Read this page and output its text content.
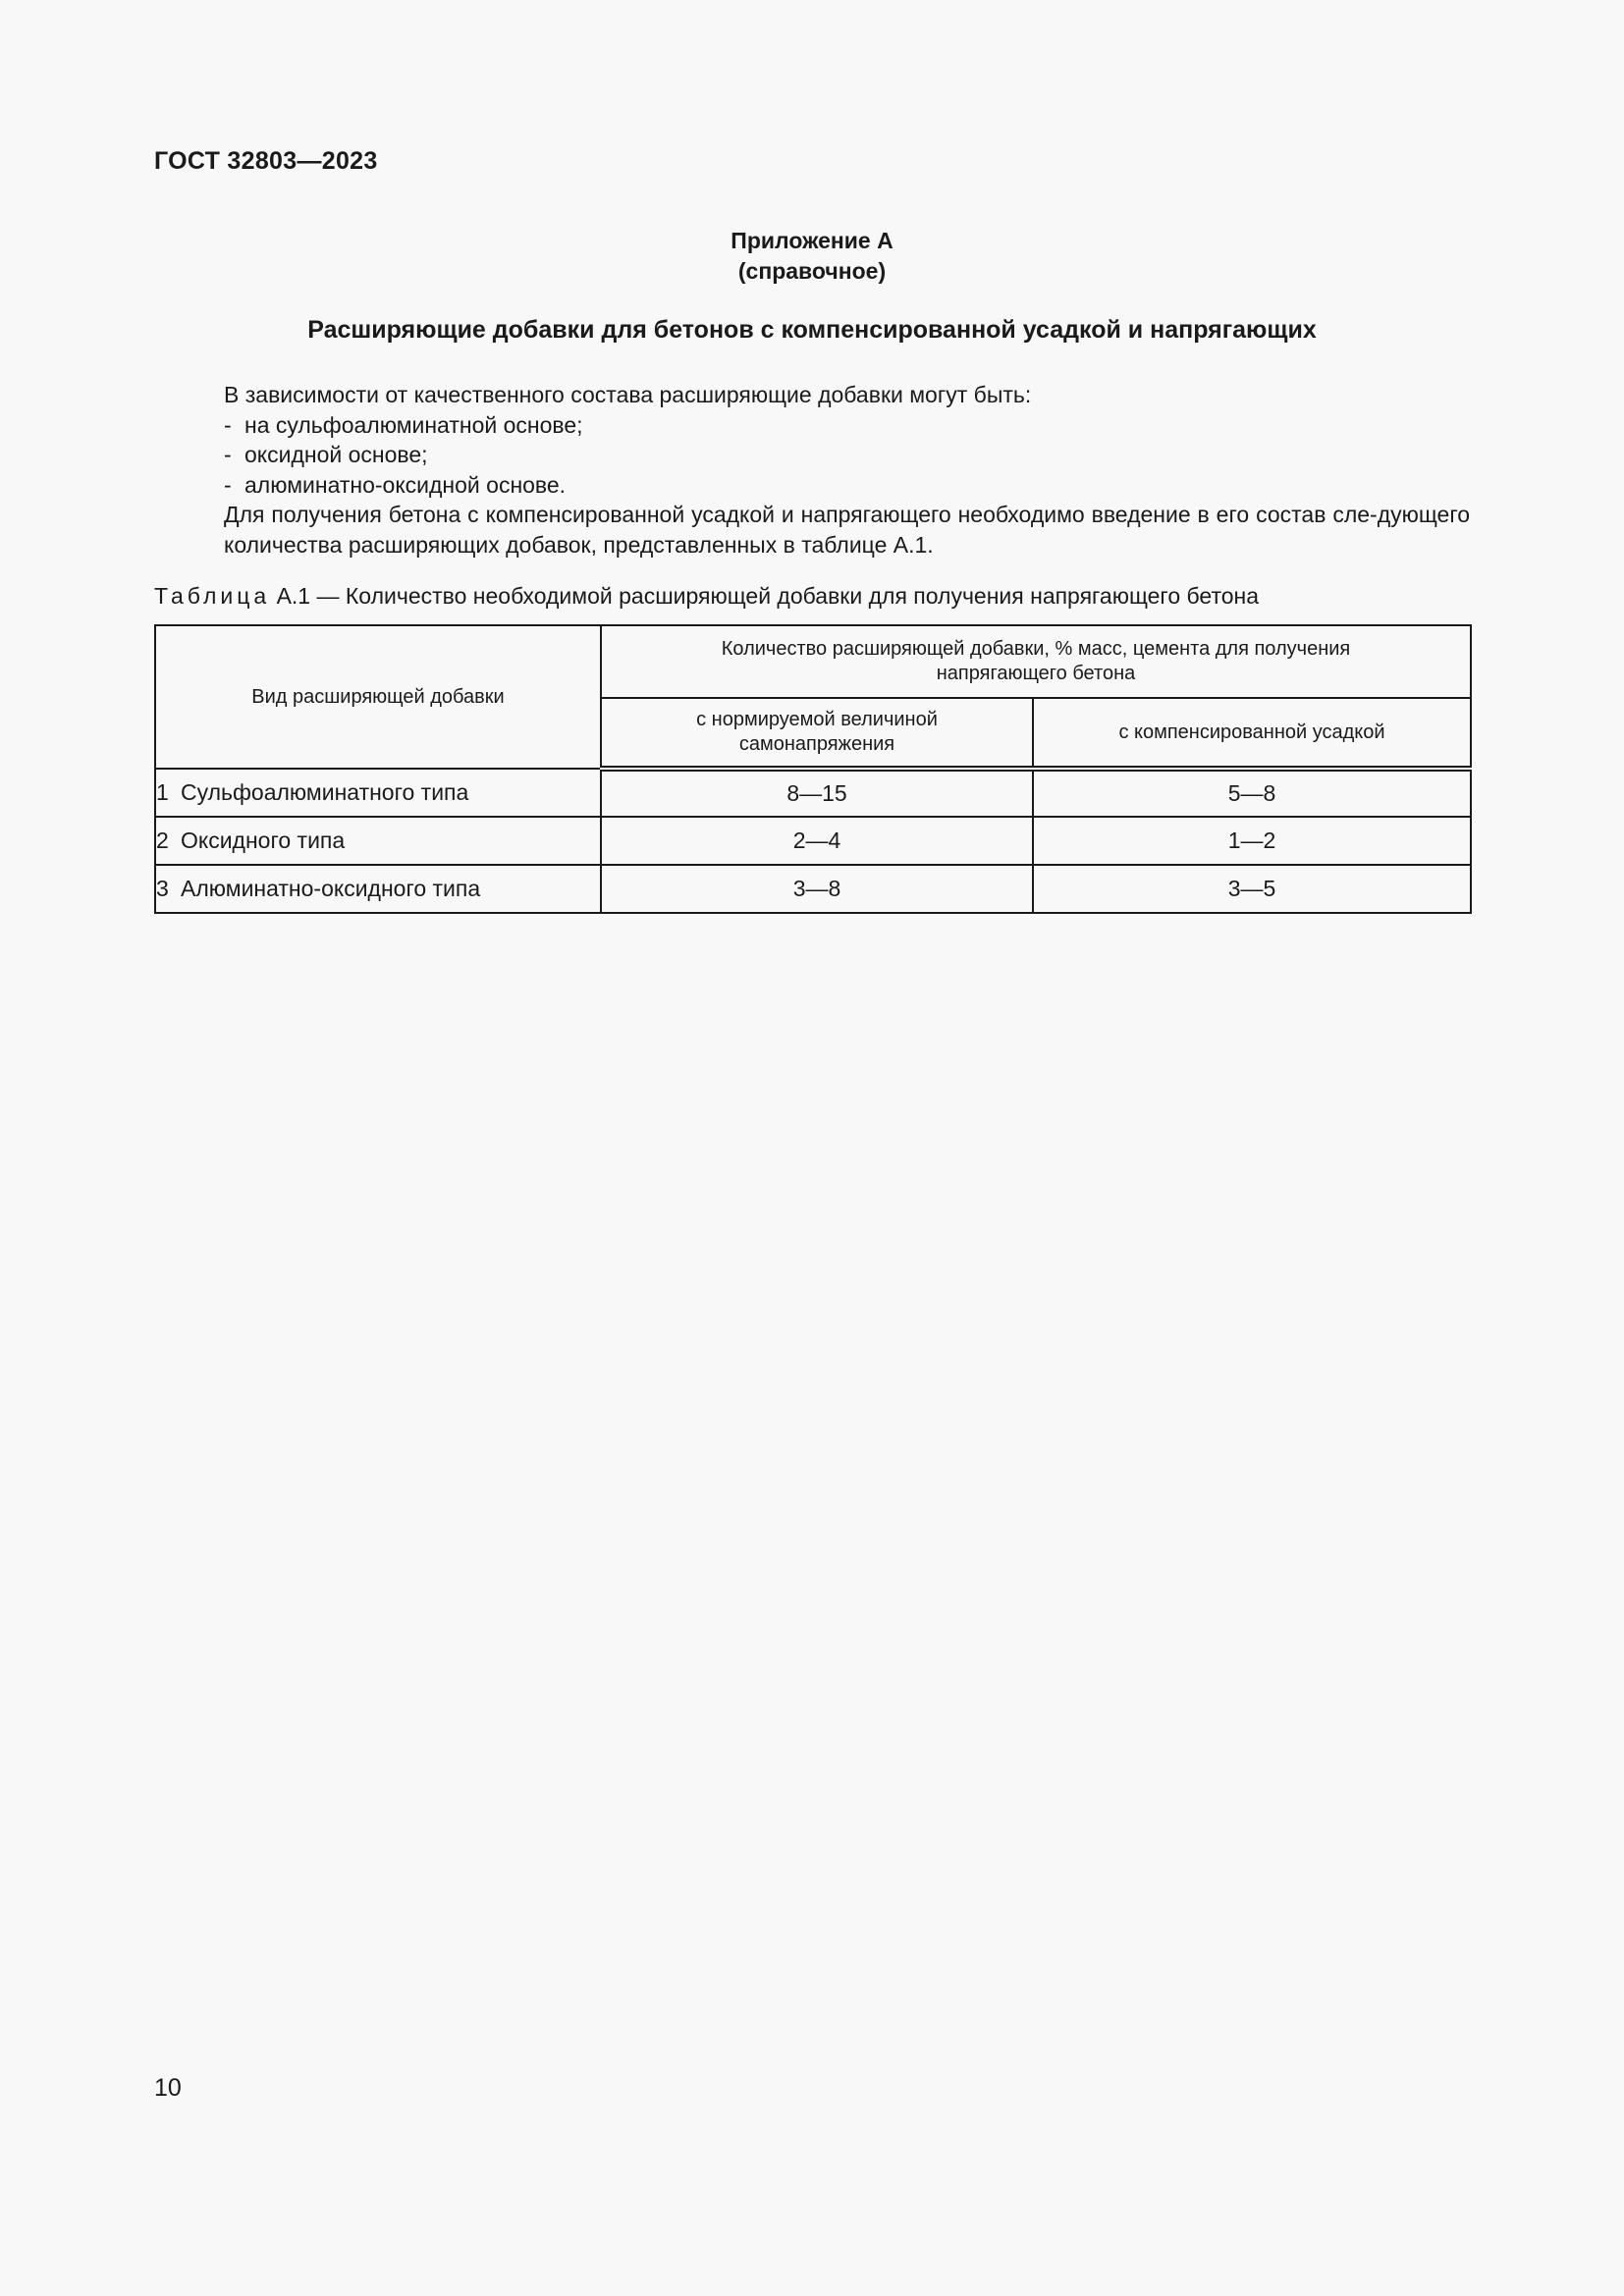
ГОСТ 32803—2023
Приложение А
(справочное)
Расширяющие добавки для бетонов с компенсированной усадкой и напрягающих

В зависимости от качественного состава расширяющие добавки могут быть:

- на сульфоалюминатной основе;

- оксидной основе;

- алюминатно-оксидной основе.

Для получения бетона с компенсированной усадкой и напрягающего необходимо введение в его состав сле-дующего количества расширяющих добавок, представленных в таблице А.1.

Таблица А.1 — Количество необходимой расширяющей добавки для получения напрягающего бетона
Вид расширяющей добавки	Количество расширяющей добавки, % масс, цемента для получения напрягающего бетона	
	с нормируемой величиной самонапряжения	с компенсированной усадкой
1 Сульфоалюминатного типа	8—15	5—8
2 Оксидного типа	2—4	1—2
3 Алюминатно-оксидного типа	3—8	3—5
10
